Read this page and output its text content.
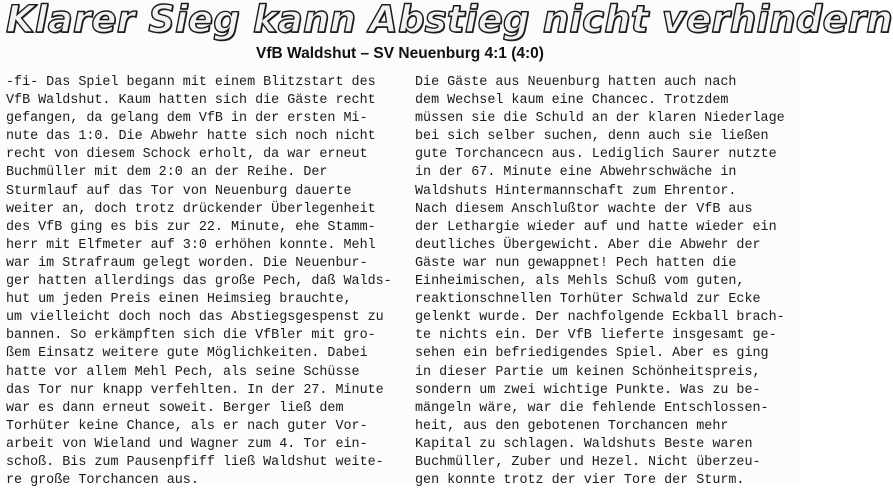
Klarer Sieg kann Abstieg nicht verhindern
VfB Waldshut – SV Neuenburg 4:1 (4:0)
-fi- Das Spiel begann mit einem Blitzstart des
VfB Waldshut. Kaum hatten sich die Gäste recht
gefangen, da gelang dem VfB in der ersten Mi-
nute das 1:0. Die Abwehr hatte sich noch nicht
recht von diesem Schock erholt, da war erneut
Buchmüller mit dem 2:0 an der Reihe. Der
Sturmlauf auf das Tor von Neuenburg dauerte
weiter an, doch trotz drückender Überlegenheit
des VfB ging es bis zur 22. Minute, ehe Stamm-
herr mit Elfmeter auf 3:0 erhöhen konnte. Mehl
war im Strafraum gelegt worden. Die Neuenbur-
ger hatten allerdings das große Pech, daß Walds-
hut um jeden Preis einen Heimsieg brauchte,
um vielleicht doch noch das Abstiegsgespenst zu
bannen. So erkämpften sich die VfBler mit gro-
ßem Einsatz weitere gute Möglichkeiten. Dabei
hatte vor allem Mehl Pech, als seine Schüsse
das Tor nur knapp verfehlten. In der 27. Minute
war es dann erneut soweit. Berger ließ dem
Torhüter keine Chance, als er nach guter Vor-
arbeit von Wieland und Wagner zum 4. Tor ein-
schoß. Bis zum Pausenpfiff ließ Waldshut weite-
re große Torchancen aus.
Die Gäste aus Neuenburg hatten auch nach
dem Wechsel kaum eine Chancec. Trotzdem
müssen sie die Schuld an der klaren Niederlage
bei sich selber suchen, denn auch sie ließen
gute Torchancecn aus. Lediglich Saurer nutzte
in der 67. Minute eine Abwehrschwäche in
Waldshuts Hintermannschaft zum Ehrentor.
Nach diesem Anschlußtor wachte der VfB aus
der Lethargie wieder auf und hatte wieder ein
deutliches Übergewicht. Aber die Abwehr der
Gäste war nun gewappnet! Pech hatten die
Einheimischen, als Mehls Schuß vom guten,
reaktionschnellen Torhüter Schwald zur Ecke
gelenkt wurde. Der nachfolgende Eckball brach-
te nichts ein. Der VfB lieferte insgesamt ge-
sehen ein befriedigendes Spiel. Aber es ging
in dieser Partie um keinen Schönheitspreis,
sondern um zwei wichtige Punkte. Was zu be-
mängeln wäre, war die fehlende Entschlossen-
heit, aus den gebotenen Torchancen mehr
Kapital zu schlagen. Waldshuts Beste waren
Buchmüller, Zuber und Hezel. Nicht überzeu-
gen konnte trotz der vier Tore der Sturm.
